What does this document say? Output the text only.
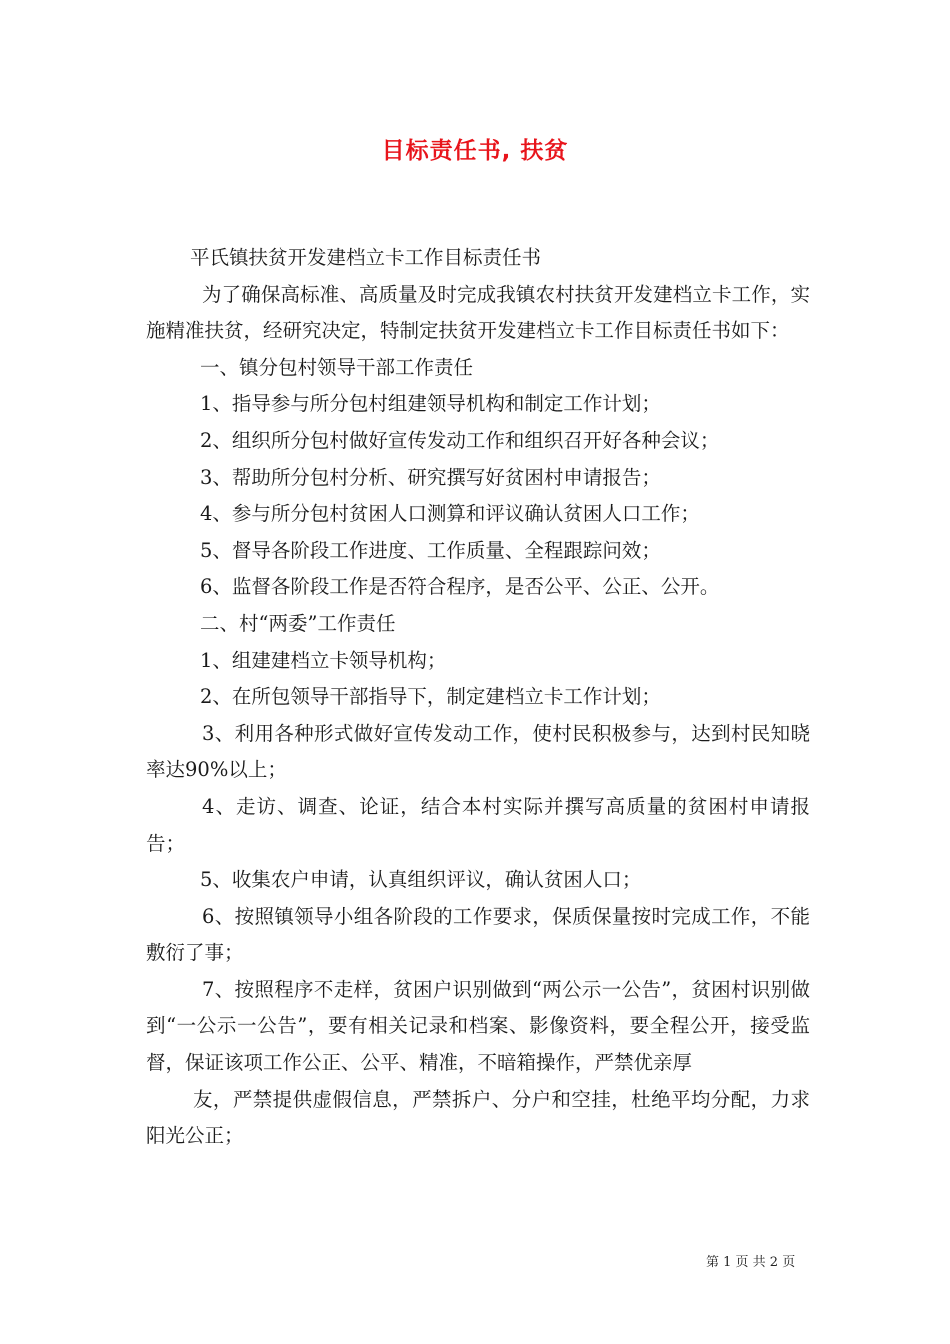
目标责任书, 扶贫

平氏镇扶贫开发建档立卡工作目标责任书

为了确保高标准、高质量及时完成我镇农村扶贫开发建档立卡工作，实施精准扶贫，经研究决定，特制定扶贫开发建档立卡工作目标责任书如下：

一、镇分包村领导干部工作责任

1、指导参与所分包村组建领导机构和制定工作计划；

2、组织所分包村做好宣传发动工作和组织召开好各种会议；

3、帮助所分包村分析、研究撰写好贫困村申请报告；

4、参与所分包村贫困人口测算和评议确认贫困人口工作；

5、督导各阶段工作进度、工作质量、全程跟踪问效；

6、监督各阶段工作是否符合程序，是否公平、公正、公开。

二、村“两委”工作责任

1、组建建档立卡领导机构；

2、在所包领导干部指导下，制定建档立卡工作计划；

3、利用各种形式做好宣传发动工作，使村民积极参与，达到村民知晓率达90%以上；

4、走访、调查、论证，结合本村实际并撰写高质量的贫困村申请报告；

5、收集农户申请，认真组织评议，确认贫困人口；

6、按照镇领导小组各阶段的工作要求，保质保量按时完成工作，不能敷衍了事；

7、按照程序不走样，贫困户识别做到“两公示一公告”，贫困村识别做到“一公示一公告”，要有相关记录和档案、影像资料，要全程公开，接受监督，保证该项工作公正、公平、精准，不暗箱操作，严禁优亲厚

友，严禁提供虚假信息，严禁拆户、分户和空挂，杜绝平均分配，力求阳光公正；

第 1 页 共 2 页
